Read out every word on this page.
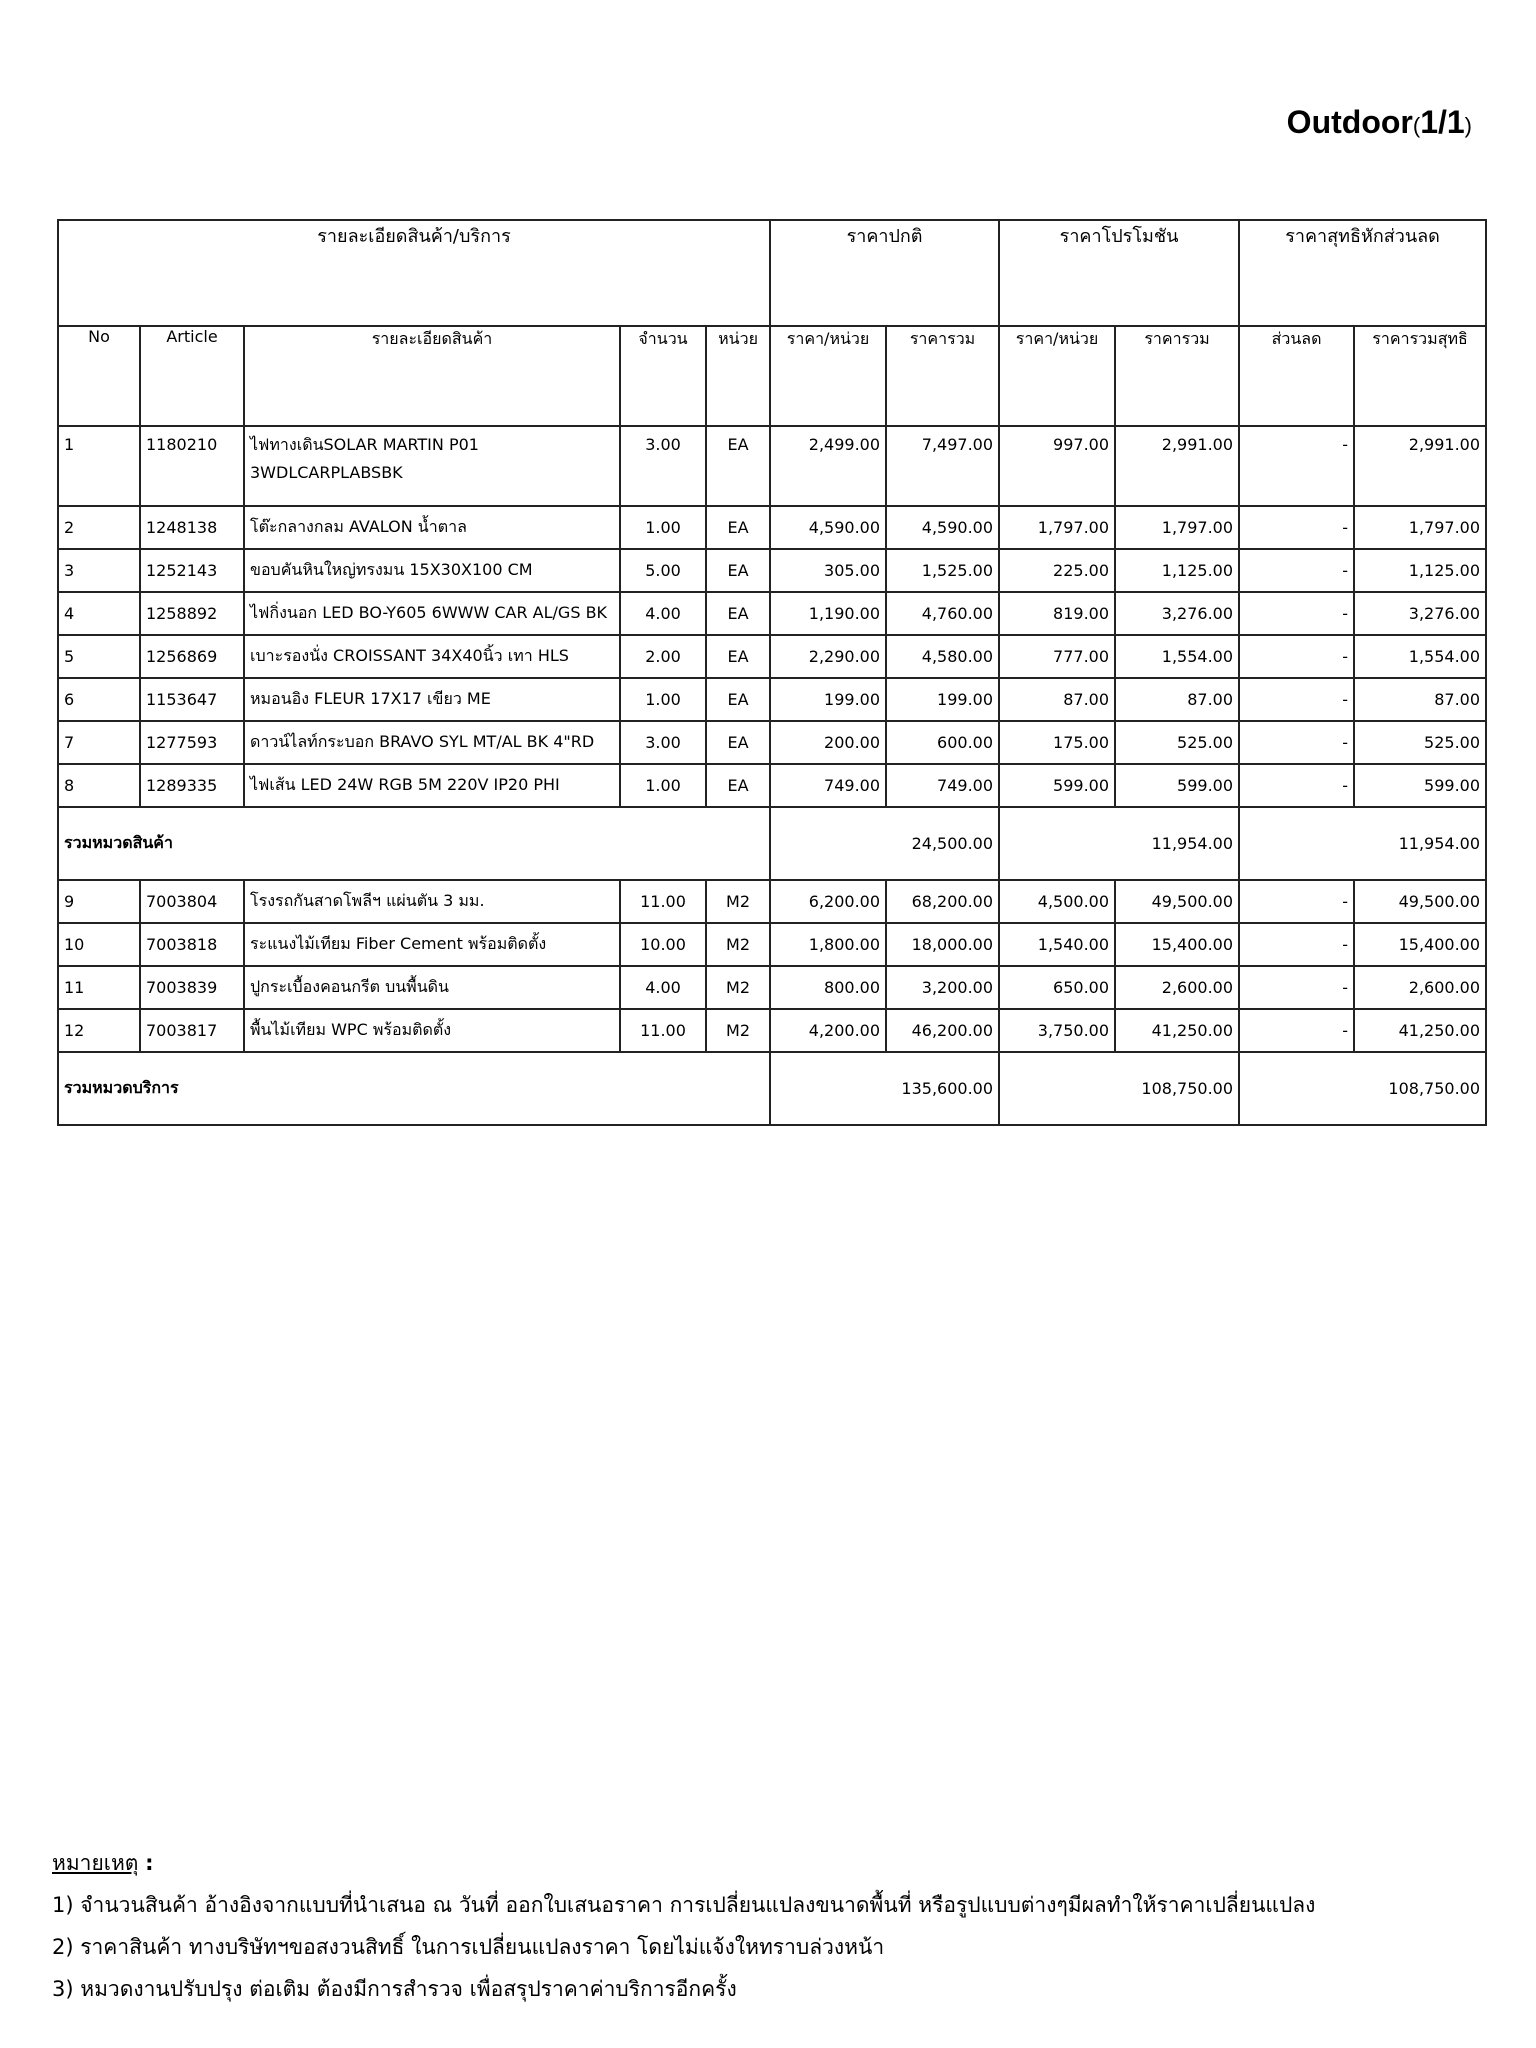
Outdoor(1/1)
รายละเอียดสินค้า/บริการ					ราคาปกติ		ราคาโปรโมชัน		ราคาสุทธิหักส่วนลด	
No	Article	รายละเอียดสินค้า	จำนวน	หน่วย	ราคา/หน่วย	ราคารวม	ราคา/หน่วย	ราคารวม	ส่วนลด	ราคารวมสุทธิ
1	1180210	ไฟทางเดินSOLAR MARTIN P01 3WDLCARPLABSBK	3.00	EA	2,499.00	7,497.00	997.00	2,991.00	-	2,991.00
2	1248138	โต๊ะกลางกลม AVALON น้ำตาล	1.00	EA	4,590.00	4,590.00	1,797.00	1,797.00	-	1,797.00
3	1252143	ขอบคันหินใหญ่ทรงมน 15X30X100 CM	5.00	EA	305.00	1,525.00	225.00	1,125.00	-	1,125.00
4	1258892	ไฟกิ่งนอก LED BO-Y605 6WWW CAR AL/GS BK	4.00	EA	1,190.00	4,760.00	819.00	3,276.00	-	3,276.00
5	1256869	เบาะรองนั่ง CROISSANT 34X40นิ้ว เทา HLS	2.00	EA	2,290.00	4,580.00	777.00	1,554.00	-	1,554.00
6	1153647	หมอนอิง FLEUR 17X17 เขียว ME	1.00	EA	199.00	199.00	87.00	87.00	-	87.00
7	1277593	ดาวน์ไลท์กระบอก BRAVO SYL MT/AL BK 4"RD	3.00	EA	200.00	600.00	175.00	525.00	-	525.00
8	1289335	ไฟเส้น LED 24W RGB 5M 220V IP20 PHI	1.00	EA	749.00	749.00	599.00	599.00	-	599.00
รวมหมวดสินค้า					24,500.00		11,954.00		11,954.00	
9	7003804	โรงรถกันสาดโพลีฯ แผ่นตัน 3 มม.	11.00	M2	6,200.00	68,200.00	4,500.00	49,500.00	-	49,500.00
10	7003818	ระแนงไม้เทียม Fiber Cement พร้อมติดตั้ง	10.00	M2	1,800.00	18,000.00	1,540.00	15,400.00	-	15,400.00
11	7003839	ปูกระเบื้องคอนกรีต บนพื้นดิน	4.00	M2	800.00	3,200.00	650.00	2,600.00	-	2,600.00
12	7003817	พื้นไม้เทียม WPC พร้อมติดตั้ง	11.00	M2	4,200.00	46,200.00	3,750.00	41,250.00	-	41,250.00
รวมหมวดบริการ					135,600.00		108,750.00		108,750.00	
หมายเหตุ :
1) จำนวนสินค้า อ้างอิงจากแบบที่นำเสนอ ณ วันที่ ออกใบเสนอราคา การเปลี่ยนแปลงขนาดพื้นที่ หรือรูปแบบต่างๆมีผลทำให้ราคาเปลี่ยนแปลง
2) ราคาสินค้า ทางบริษัทฯขอสงวนสิทธิ์ ในการเปลี่ยนแปลงราคา โดยไม่แจ้งใหทราบล่วงหน้า
3) หมวดงานปรับปรุง ต่อเติม ต้องมีการสำรวจ เพื่อสรุปราคาค่าบริการอีกครั้ง
